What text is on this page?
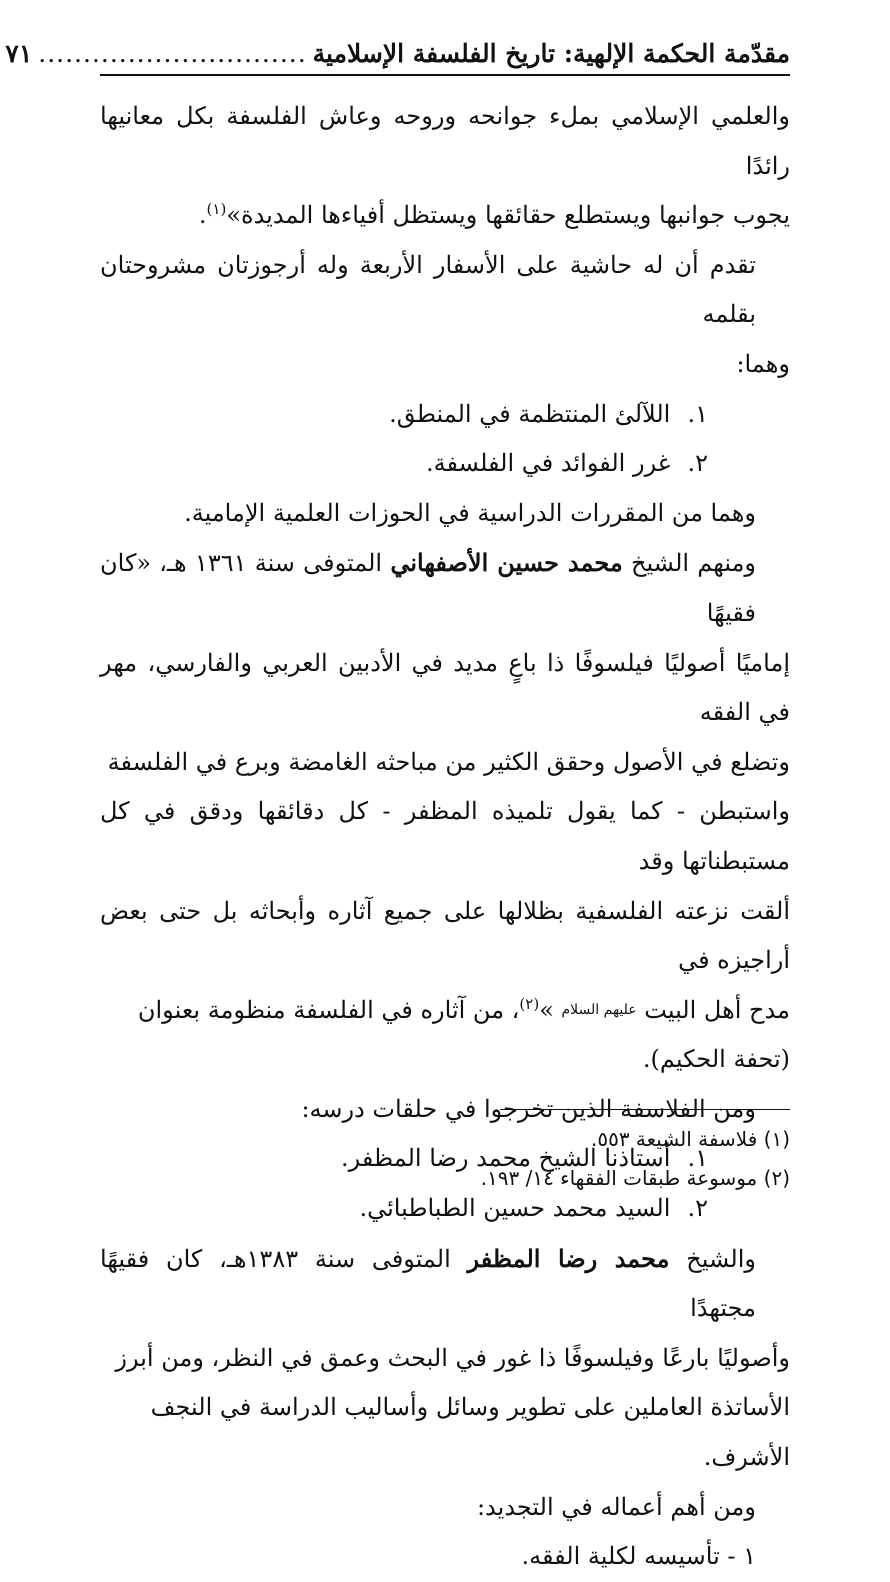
مقدّمة الحكمة الإلهية: تاريخ الفلسفة الإسلامية
..............................
٧١

والعلمي الإسلامي بملء جوانحه وروحه وعاش الفلسفة بكل معانيها رائدًا

يجوب جوانبها ويستطلع حقائقها ويستظل أفياءها المديدة»$^{(١)}$.

تقدم أن له حاشية على الأسفار الأربعة وله أرجوزتان مشروحتان بقلمه

وهما:

١. اللآلئ المنتظمة في المنطق.

٢. غرر الفوائد في الفلسفة.

وهما من المقررات الدراسية في الحوزات العلمية الإمامية.

ومنهم الشيخ محمد حسين الأصفهاني المتوفى سنة ١٣٦١ هـ، «كان فقيهًا

إماميًا أصوليًا فيلسوفًا ذا باعٍ مديد في الأدبين العربي والفارسي، مهر في الفقه

وتضلع في الأصول وحقق الكثير من مباحثه الغامضة وبرع في الفلسفة

واستبطن - كما يقول تلميذه المظفر - كل دقائقها ودقق في كل مستبطناتها وقد

ألقت نزعته الفلسفية بظلالها على جميع آثاره وأبحاثه بل حتى بعض أراجيزه في

مدح أهل البيت عليهم السلام »$^{(٢)}$، من آثاره في الفلسفة منظومة بعنوان (تحفة الحكيم).

ومن الفلاسفة الذين تخرجوا في حلقات درسه:

١. أستاذنا الشيخ محمد رضا المظفر.

٢. السيد محمد حسين الطباطبائي.

والشيخ محمد رضا المظفر المتوفى سنة ١٣٨٣هـ، كان فقيهًا مجتهدًا

وأصوليًا بارعًا وفيلسوفًا ذا غور في البحث وعمق في النظر، ومن أبرز

الأساتذة العاملين على تطوير وسائل وأساليب الدراسة في النجف الأشرف.

ومن أهم أعماله في التجديد:

١ - تأسيسه لكلية الفقه.

(١) فلاسفة الشيعة ٥٥٣.

(٢) موسوعة طبقات الفقهاء ١٤/ ١٩٣.
